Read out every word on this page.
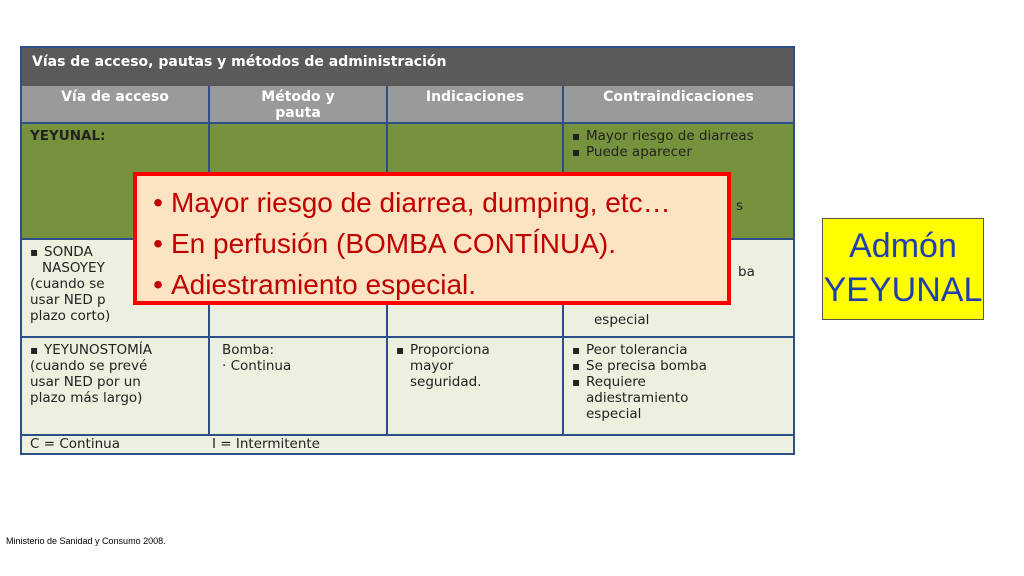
Vías de acceso, pautas y métodos de administración
Vía de acceso	Método y pauta
Indicaciones	Contraindicaciones
YEYUNAL:
▪	Mayor riesgo de diarreas
▪ Puede aparecer
▪ SONDA
NASOYEY
(cuando se
usar NED p
plazo corto)
s
ba
especial
▪ YEYUNOSTOMÍA
(cuando se prevé
usar NED por un
plazo más largo)
Bomba:
· Continua
▪ Proporciona mayor seguridad.
▪ Peor tolerancia
▪ Se precisa bomba
▪ Requiere adiestramiento especial
C = Continua	I = Intermitente
• Mayor riesgo de diarrea, dumping, etc…
• En perfusión (BOMBA CONTÍNUA).
• Adiestramiento especial.
Admón
YEYUNAL
Ministerio de Sanidad y Consumo 2008.
